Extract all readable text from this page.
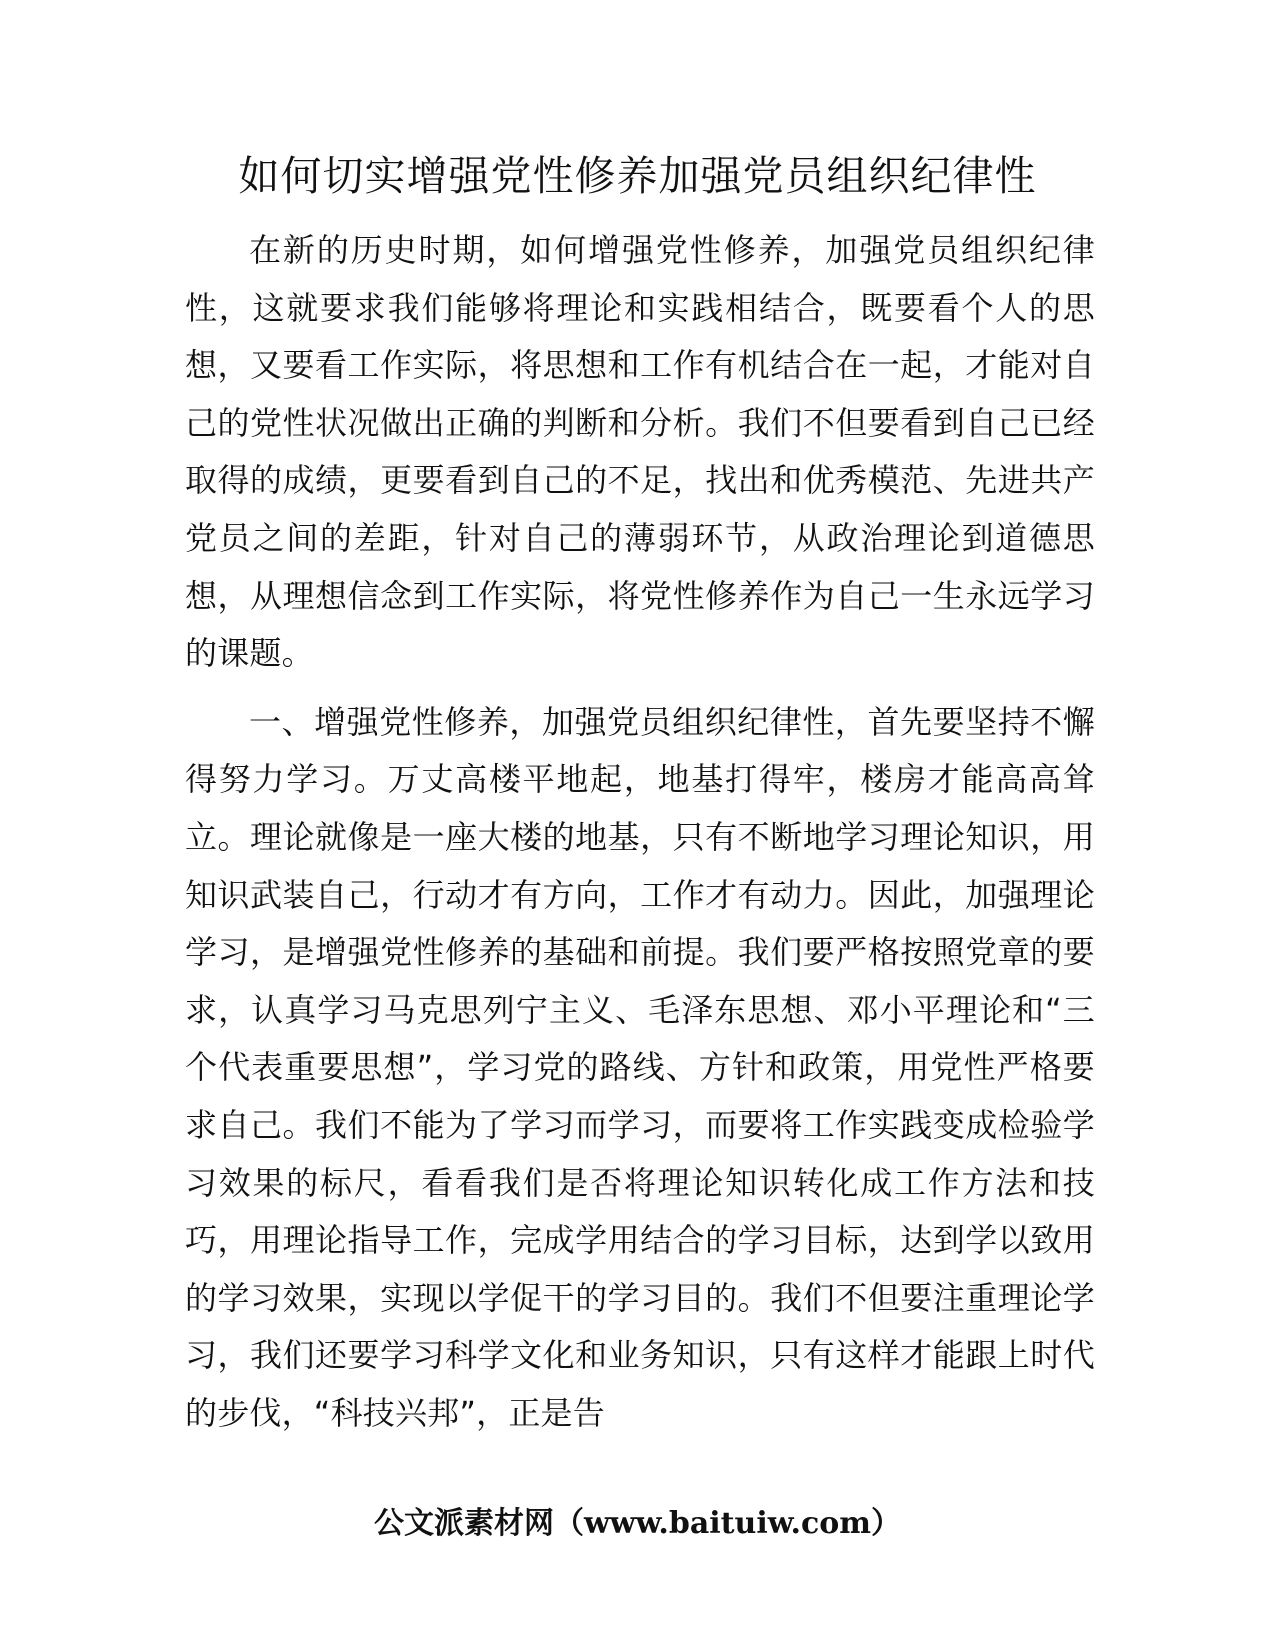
如何切实增强党性修养加强党员组织纪律性

在新的历史时期，如何增强党性修养，加强党员组织纪律性，这就要求我们能够将理论和实践相结合，既要看个人的思想，又要看工作实际，将思想和工作有机结合在一起，才能对自己的党性状况做出正确的判断和分析。我们不但要看到自己已经取得的成绩，更要看到自己的不足，找出和优秀模范、先进共产党员之间的差距，针对自己的薄弱环节，从政治理论到道德思想，从理想信念到工作实际，将党性修养作为自己一生永远学习的课题。

一、增强党性修养，加强党员组织纪律性，首先要坚持不懈得努力学习。万丈高楼平地起，地基打得牢，楼房才能高高耸立。理论就像是一座大楼的地基，只有不断地学习理论知识，用知识武装自己，行动才有方向，工作才有动力。因此，加强理论学习，是增强党性修养的基础和前提。我们要严格按照党章的要求，认真学习马克思列宁主义、毛泽东思想、邓小平理论和“三个代表重要思想”，学习党的路线、方针和政策，用党性严格要求自己。我们不能为了学习而学习，而要将工作实践变成检验学习效果的标尺，看看我们是否将理论知识转化成工作方法和技巧，用理论指导工作，完成学用结合的学习目标，达到学以致用的学习效果，实现以学促干的学习目的。我们不但要注重理论学习，我们还要学习科学文化和业务知识，只有这样才能跟上时代的步伐，“科技兴邦”，正是告

公文派素材网（www.baituiw.com）
